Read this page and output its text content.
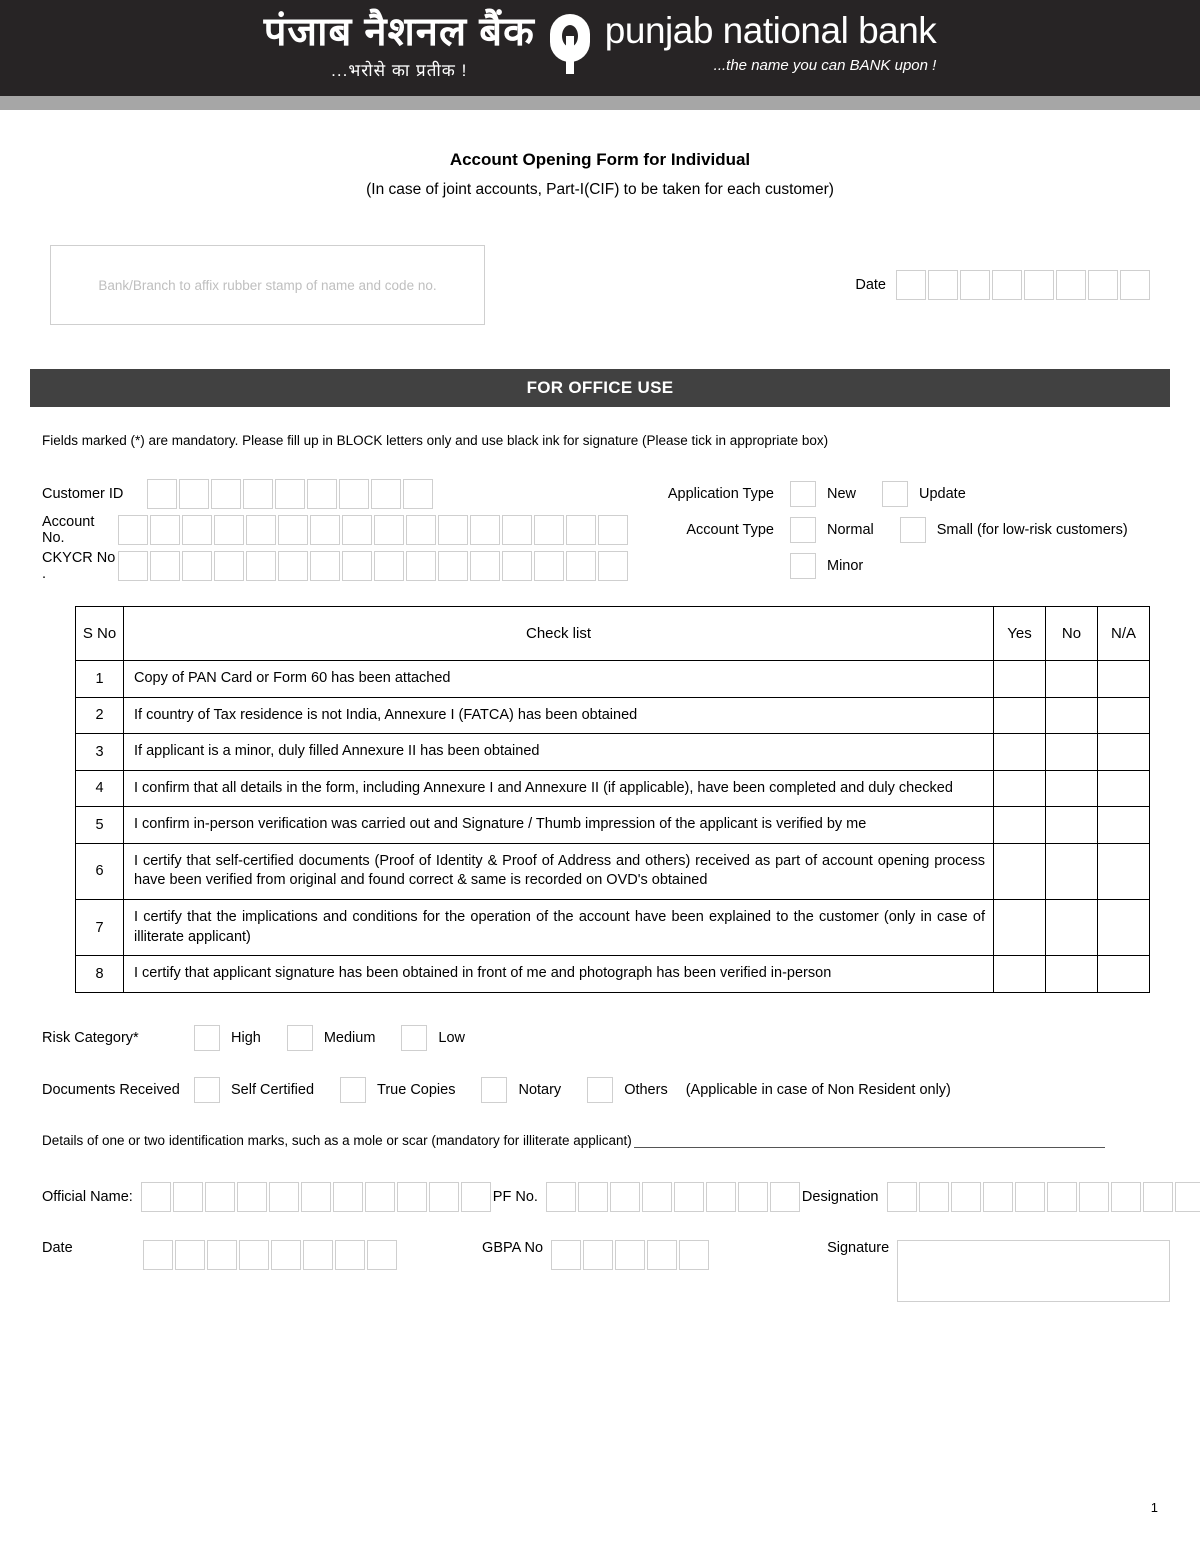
पंजाब नैशनल बैंक
...भरोसे का प्रतीक !
punjab national bank
...the name you can BANK upon !
Account Opening Form for Individual
(In case of joint accounts, Part-I(CIF) to be taken for each customer)
Bank/Branch to affix rubber stamp of name and code no.	Date
FOR OFFICE USE
Fields marked (*) are mandatory. Please fill up in BLOCK letters only and use black ink for signature (Please tick in appropriate box)
Customer ID
Account No.
CKYCR No .
Application Type	New	Update
Account Type	Normal	Small (for low-risk customers)
Minor
S No	Check list	Yes	No	N/A
1	Copy of PAN Card or Form 60 has been attached			
2	If country of Tax residence is not India, Annexure I (FATCA) has been obtained			
3	If applicant is a minor, duly filled Annexure II has been obtained			
4	I confirm that all details in the form, including Annexure I and Annexure II (if applicable), have been completed and duly checked			
5	I confirm in-person verification was carried out and Signature / Thumb impression of the applicant is verified by me			
6	I certify that self-certified documents (Proof of Identity & Proof of Address and others) received as part of account opening process have been verified from original and found correct & same is recorded on OVD's obtained			
7	I certify that the implications and conditions for the operation of the account have been explained to the customer (only in case of illiterate applicant)			
8	I certify that applicant signature has been obtained in front of me and photograph has been verified in-person			
Risk Category*	High	Medium	Low
Documents Received	Self Certified	True Copies	Notary	Others (Applicable in case of Non Resident only)
Details of one or two identification marks, such as a mole or scar (mandatory for illiterate applicant)
Official Name:	PF No.	Designation
Date	GBPA No	Signature
1
